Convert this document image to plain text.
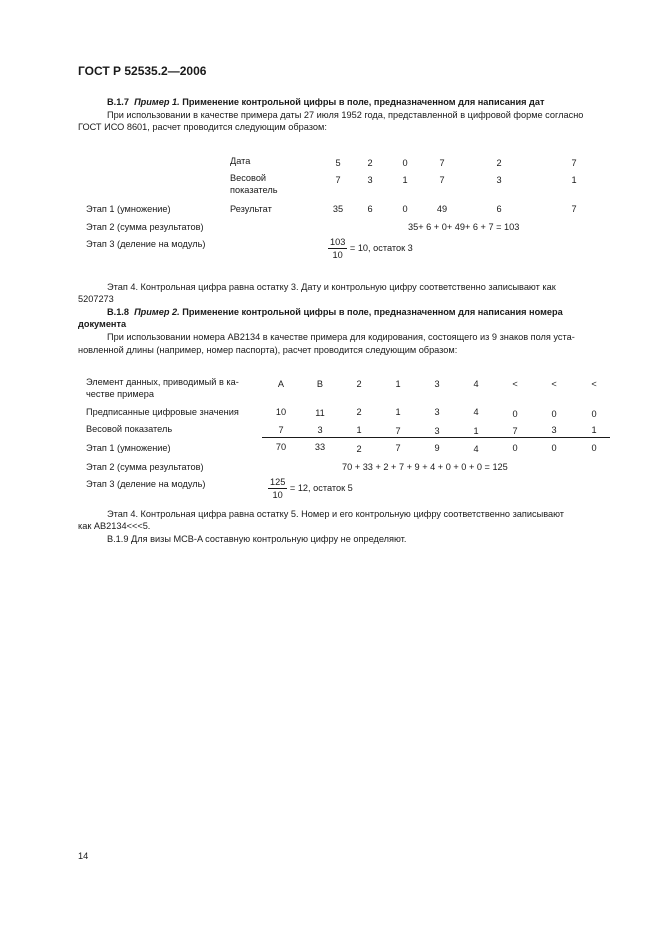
ГОСТ Р 52535.2—2006
В.1.7 Пример 1. Применение контрольной цифры в поле, предназначенном для написания дат
При использовании в качестве примера даты 27 июля 1952 года, представленной в цифровой форме согласно
ГОСТ ИСО 8601, расчет проводится следующим образом:
Дата	5	2	0	7	2	7
Весовой
показатель
7	3	1	7	3	1
Этап 1 (умножение)	Результат	35	6	0	49	6	7
Этап 2 (сумма результатов)	35+ 6 + 0+ 49+ 6 + 7 = 103
Этап 3 (деление на модуль)	$\frac{103}{10} = 10$, остаток 3
Этап 4. Контрольная цифра равна остатку 3. Дату и контрольную цифру соответственно записывают как
5207273
В.1.8 Пример 2. Применение контрольной цифры в поле, предназначенном для написания номера
документа
При использовании номера АВ2134 в качестве примера для кодирования, состоящего из 9 знаков поля уста-
новленной длины (например, номер паспорта), расчет проводится следующим образом:
Элемент данных, приводимый в ка-
честве примера
A	B	2	1	3	4	<	<	<
Предписанные цифровые значения	10	11	2	1	3	4	0	0	0
Весовой показатель	7	3	1	7	3	1	7	3	1
Этап 1 (умножение)	70	33	2	7	9	4	0	0	0
Этап 2 (сумма результатов)	70 + 33 + 2 + 7 + 9 + 4 + 0 + 0 + 0 = 125
Этап 3 (деление на модуль)	$\frac{125}{10} = 12$, остаток 5
Этап 4. Контрольная цифра равна остатку 5. Номер и его контрольную цифру соответственно записывают
как АВ2134<<<5.
В.1.9 Для визы MCB-A составную контрольную цифру не определяют.
14
